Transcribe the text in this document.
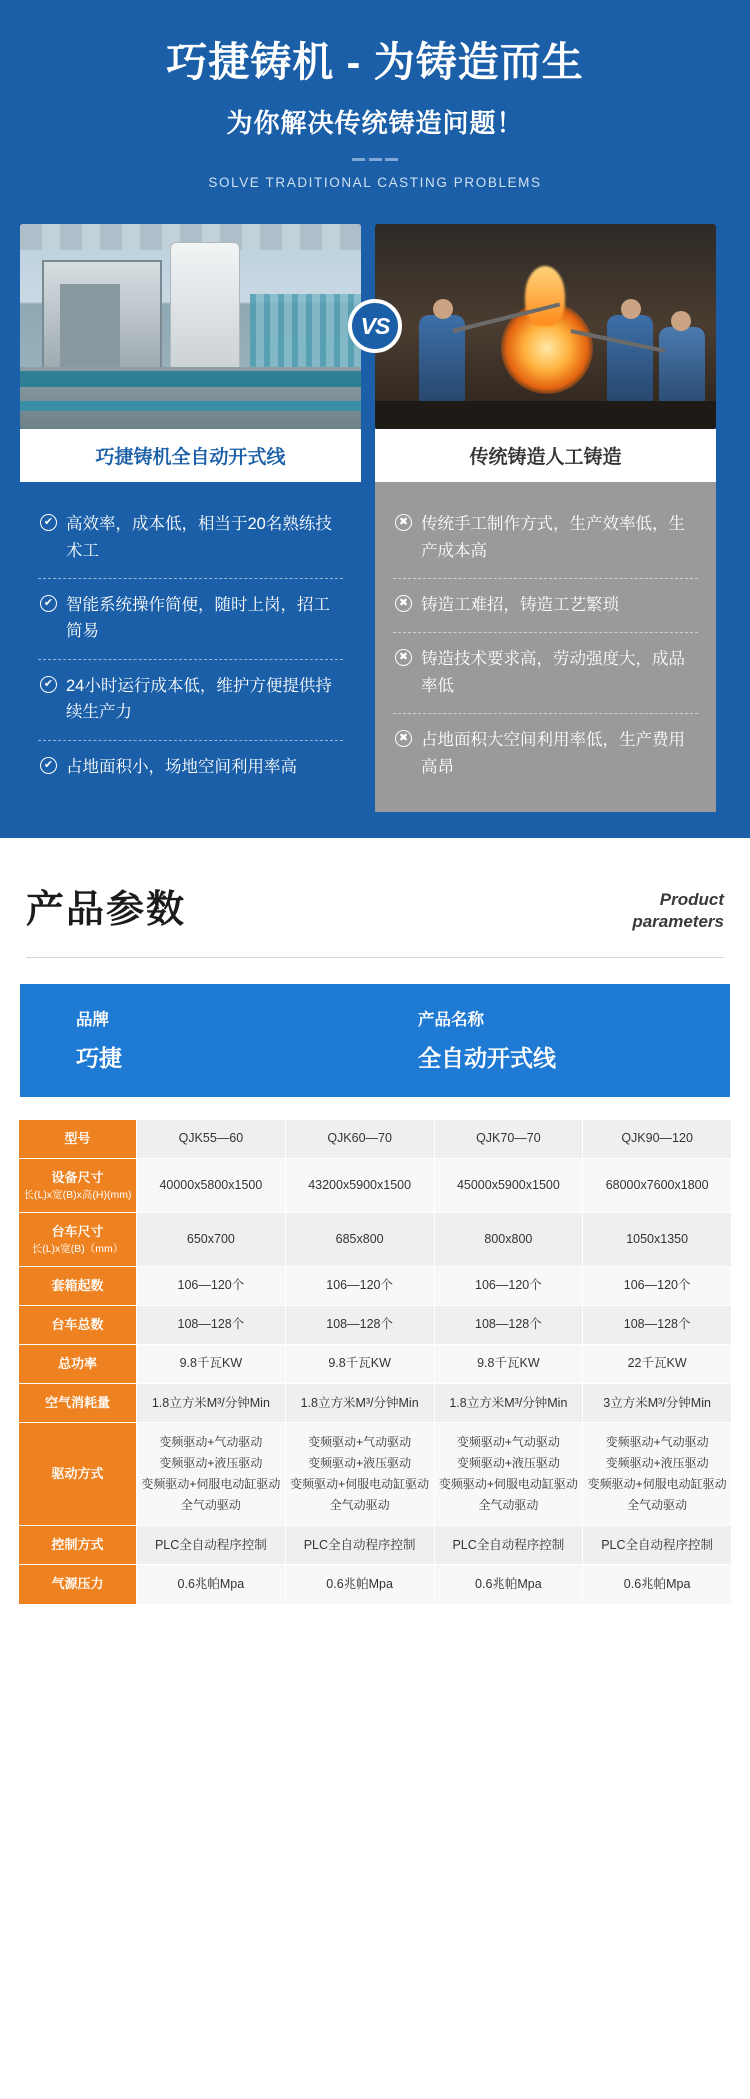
巧捷铸机 - 为铸造而生
为你解决传统铸造问题！
SOLVE TRADITIONAL CASTING PROBLEMS
VS
巧捷铸机全自动开式线
✔ 高效率，成本低，相当于20名熟练技术工
✔ 智能系统操作简便，随时上岗，招工简易
✔ 24小时运行成本低，维护方便提供持续生产力
✔ 占地面积小，场地空间利用率高
传统铸造人工铸造
✖ 传统手工制作方式，生产效率低，生产成本高
✖ 铸造工难招，铸造工艺繁琐
✖ 铸造技术要求高，劳动强度大，成品率低
✖ 占地面积大空间利用率低，生产费用高昂
产品参数	Product
parameters
品牌
巧捷
产品名称
全自动开式线
型号	QJK55—60	QJK60—70	QJK70—70	QJK90—120
设备尺寸
长(L)x宽(B)x高(H)(mm)	40000x5800x1500	43200x5900x1500	45000x5900x1500	68000x7600x1800
台车尺寸
长(L)x宽(B)（mm）	650x700	685x800	800x800	1050x1350
套箱起数	106—120个	106—120个	106—120个	106—120个
台车总数	108—128个	108—128个	108—128个	108—128个
总功率	9.8千瓦KW	9.8千瓦KW	9.8千瓦KW	22千瓦KW
空气消耗量	1.8立方米M³/分钟Min	1.8立方米M³/分钟Min	1.8立方米M³/分钟Min	3立方米M³/分钟Min
驱动方式	变频驱动+气动驱动
变频驱动+液压驱动
变频驱动+伺服电动缸驱动
全气动驱动	变频驱动+气动驱动
变频驱动+液压驱动
变频驱动+伺服电动缸驱动
全气动驱动	变频驱动+气动驱动
变频驱动+液压驱动
变频驱动+伺服电动缸驱动
全气动驱动	变频驱动+气动驱动
变频驱动+液压驱动
变频驱动+伺服电动缸驱动
全气动驱动
控制方式	PLC全自动程序控制	PLC全自动程序控制	PLC全自动程序控制	PLC全自动程序控制
气源压力	0.6兆帕Mpa	0.6兆帕Mpa	0.6兆帕Mpa	0.6兆帕Mpa
